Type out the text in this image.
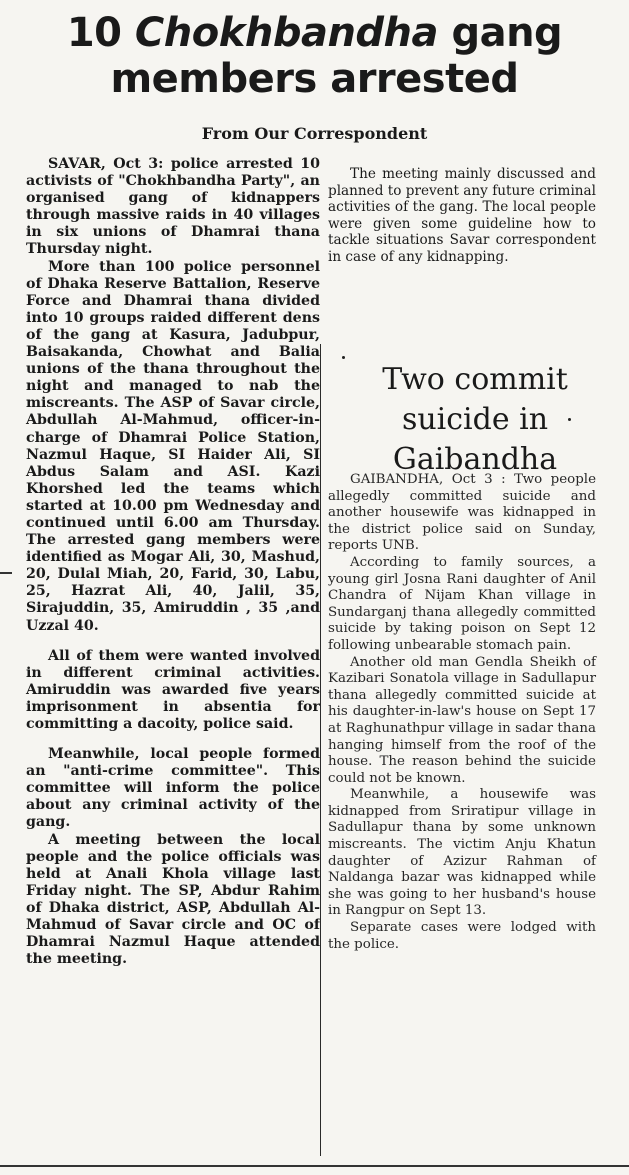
10 Chokhbandha gang
members arrested
From Our Correspondent

SAVAR, Oct 3: police arrested 10 activists of "Chokhbandha Party", an organised gang of kidnappers through massive raids in 40 villages in six unions of Dhamrai thana Thursday night.

More than 100 police personnel of Dhaka Reserve Battalion, Reserve Force and Dhamrai thana divided into 10 groups raided different dens of the gang at Kasura, Jadubpur, Baisakanda, Chowhat and Balia unions of the thana throughout the night and managed to nab the miscreants. The ASP of Savar circle, Abdullah Al-Mahmud, officer-in-charge of Dhamrai Police Station, Nazmul Haque, SI Haider Ali, SI Abdus Salam and ASI. Kazi Khorshed led the teams which started at 10.00 pm Wednesday and continued until 6.00 am Thursday. The arrested gang members were identified as Mogar Ali, 30, Mashud, 20, Dulal Miah, 20, Farid, 30, Labu, 25, Hazrat Ali, 40, Jalil, 35, Sirajuddin, 35, Amiruddin , 35 ,and Uzzal 40.

All of them were wanted involved in different criminal activities. Amiruddin was awarded five years imprisonment in absentia for committing a dacoity, police said.

Meanwhile, local people formed an "anti-crime committee". This committee will inform the police about any criminal activity of the gang.

A meeting between the local people and the police officials was held at Anali Khola village last Friday night. The SP, Abdur Rahim of Dhaka district, ASP, Abdullah Al-Mahmud of Savar circle and OC of Dhamrai Nazmul Haque attended the meeting.

The meeting mainly discussed and planned to prevent any future criminal activities of the gang. The local people were given some guideline how to tackle situations Savar correspondent in case of any kidnapping.

Two commit suicide in Gaibandha

GAIBANDHA, Oct 3 : Two people allegedly committed suicide and another housewife was kidnapped in the district police said on Sunday, reports UNB.

According to family sources, a young girl Josna Rani daughter of Anil Chandra of Nijam Khan village in Sundarganj thana allegedly committed suicide by taking poison on Sept 12 following unbearable stomach pain.

Another old man Gendla Sheikh of Kazibari Sonatola village in Sadullapur thana allegedly committed suicide at his daughter-in-law's house on Sept 17 at Raghunathpur village in sadar thana hanging himself from the roof of the house. The reason behind the suicide could not be known.

Meanwhile, a housewife was kidnapped from Sriratipur village in Sadullapur thana by some unknown miscreants. The victim Anju Khatun daughter of Azizur Rahman of Naldanga bazar was kidnapped while she was going to her husband's house in Rangpur on Sept 13.

Separate cases were lodged with the police.
